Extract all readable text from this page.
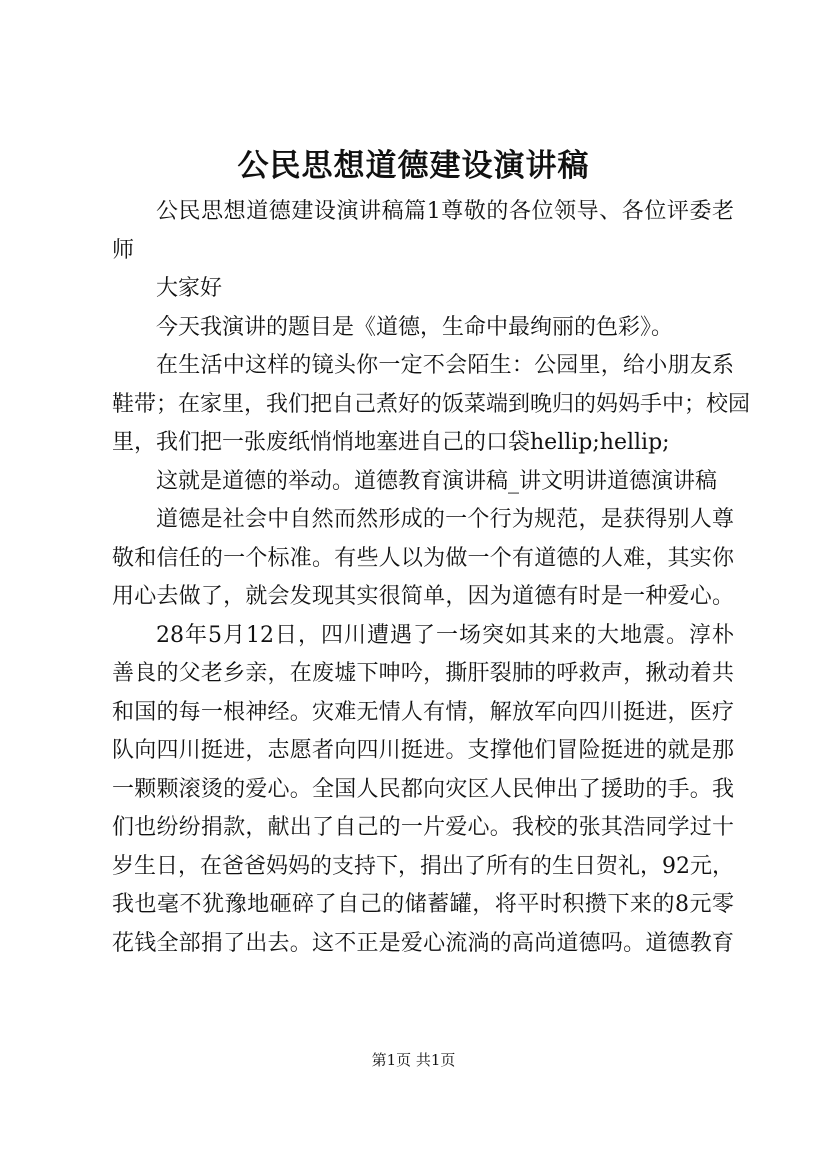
公民思想道德建设演讲稿
公民思想道德建设演讲稿篇1尊敬的各位领导、各位评委老
师
大家好
今天我演讲的题目是《道德，生命中最绚丽的色彩》。
在生活中这样的镜头你一定不会陌生：公园里，给小朋友系
鞋带；在家里，我们把自己煮好的饭菜端到晚归的妈妈手中；校园
里，我们把一张废纸悄悄地塞进自己的口袋hellip;hellip;
这就是道德的举动。道德教育演讲稿_讲文明讲道德演讲稿
道德是社会中自然而然形成的一个行为规范，是获得别人尊
敬和信任的一个标准。有些人以为做一个有道德的人难，其实你
用心去做了，就会发现其实很简单，因为道德有时是一种爱心。
28年5月12日，四川遭遇了一场突如其来的大地震。淳朴
善良的父老乡亲，在废墟下呻吟，撕肝裂肺的呼救声，揪动着共
和国的每一根神经。灾难无情人有情，解放军向四川挺进，医疗
队向四川挺进，志愿者向四川挺进。支撑他们冒险挺进的就是那
一颗颗滚烫的爱心。全国人民都向灾区人民伸出了援助的手。我
们也纷纷捐款，献出了自己的一片爱心。我校的张其浩同学过十
岁生日，在爸爸妈妈的支持下，捐出了所有的生日贺礼，92元，
我也毫不犹豫地砸碎了自己的储蓄罐，将平时积攒下来的8元零
花钱全部捐了出去。这不正是爱心流淌的高尚道德吗。道德教育
第1页 共1页
